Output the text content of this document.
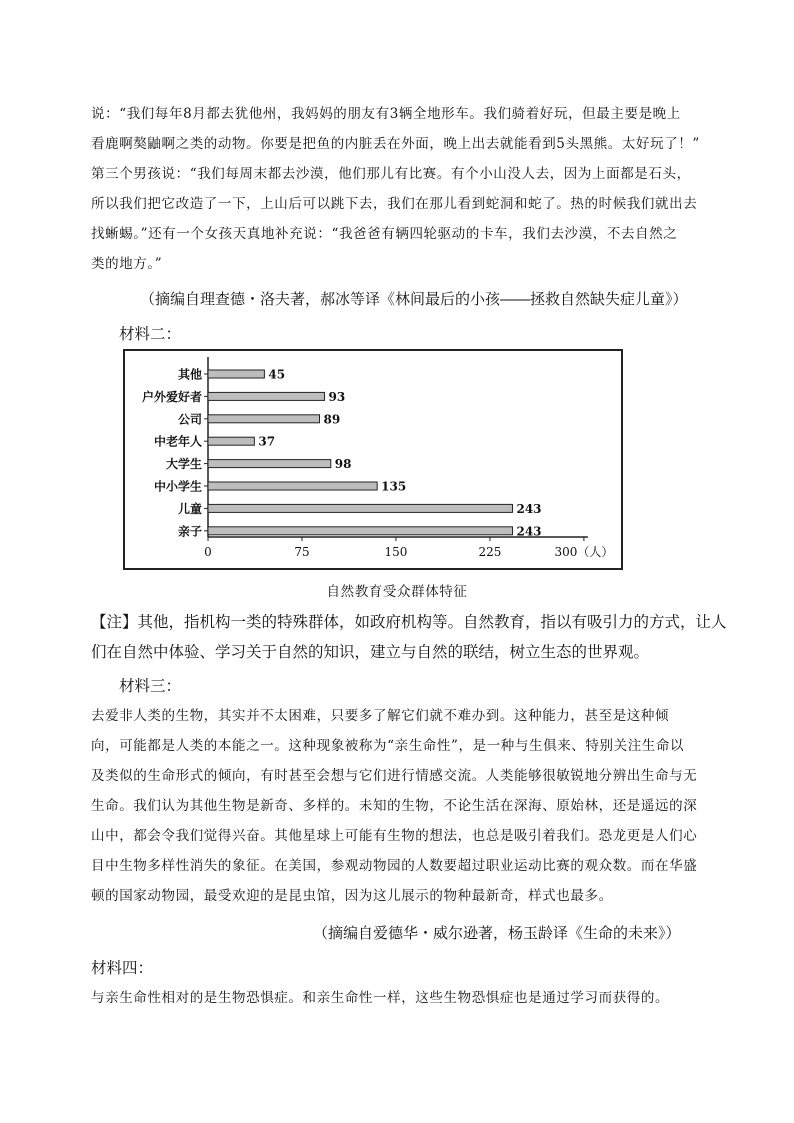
说：“我们每年8月都去犹他州，我妈妈的朋友有3辆全地形车。我们骑着好玩，但最主要是晚上
看鹿啊獒鼬啊之类的动物。你要是把鱼的内脏丢在外面，晚上出去就能看到5头黑熊。太好玩了！”
第三个男孩说：“我们每周末都去沙漠，他们那儿有比赛。有个小山没人去，因为上面都是石头，
所以我们把它改造了一下，上山后可以跳下去，我们在那儿看到蛇洞和蛇了。热的时候我们就出去
找蜥蜴。”还有一个女孩天真地补充说：“我爸爸有辆四轮驱动的卡车，我们去沙漠，不去自然之
类的地方。”
（摘编自理查德・洛夫著，郝冰等译《林间最后的小孩——拯救自然缺失症儿童》）
材料二：
0	75	150	225	300（人）
其他	45
户外爱好者	93
公司	89
中老年人	37
大学生	98
中小学生	135
儿童	243
亲子	243
自然教育受众群体特征
【注】其他，指机构一类的特殊群体，如政府机构等。自然教育，指以有吸引力的方式，让人
们在自然中体验、学习关于自然的知识，建立与自然的联结，树立生态的世界观。
材料三：
去爱非人类的生物，其实并不太困难，只要多了解它们就不难办到。这种能力，甚至是这种倾
向，可能都是人类的本能之一。这种现象被称为“亲生命性”，是一种与生俱来、特别关注生命以
及类似的生命形式的倾向，有时甚至会想与它们进行情感交流。人类能够很敏锐地分辨出生命与无
生命。我们认为其他生物是新奇、多样的。未知的生物，不论生活在深海、原始林，还是遥远的深
山中，都会令我们觉得兴奋。其他星球上可能有生物的想法，也总是吸引着我们。恐龙更是人们心
目中生物多样性消失的象征。在美国，参观动物园的人数要超过职业运动比赛的观众数。而在华盛
顿的国家动物园，最受欢迎的是昆虫馆，因为这儿展示的物种最新奇，样式也最多。
（摘编自爱德华・威尔逊著，杨玉龄译《生命的未来》）
材料四：
与亲生命性相对的是生物恐惧症。和亲生命性一样，这些生物恐惧症也是通过学习而获得的。
